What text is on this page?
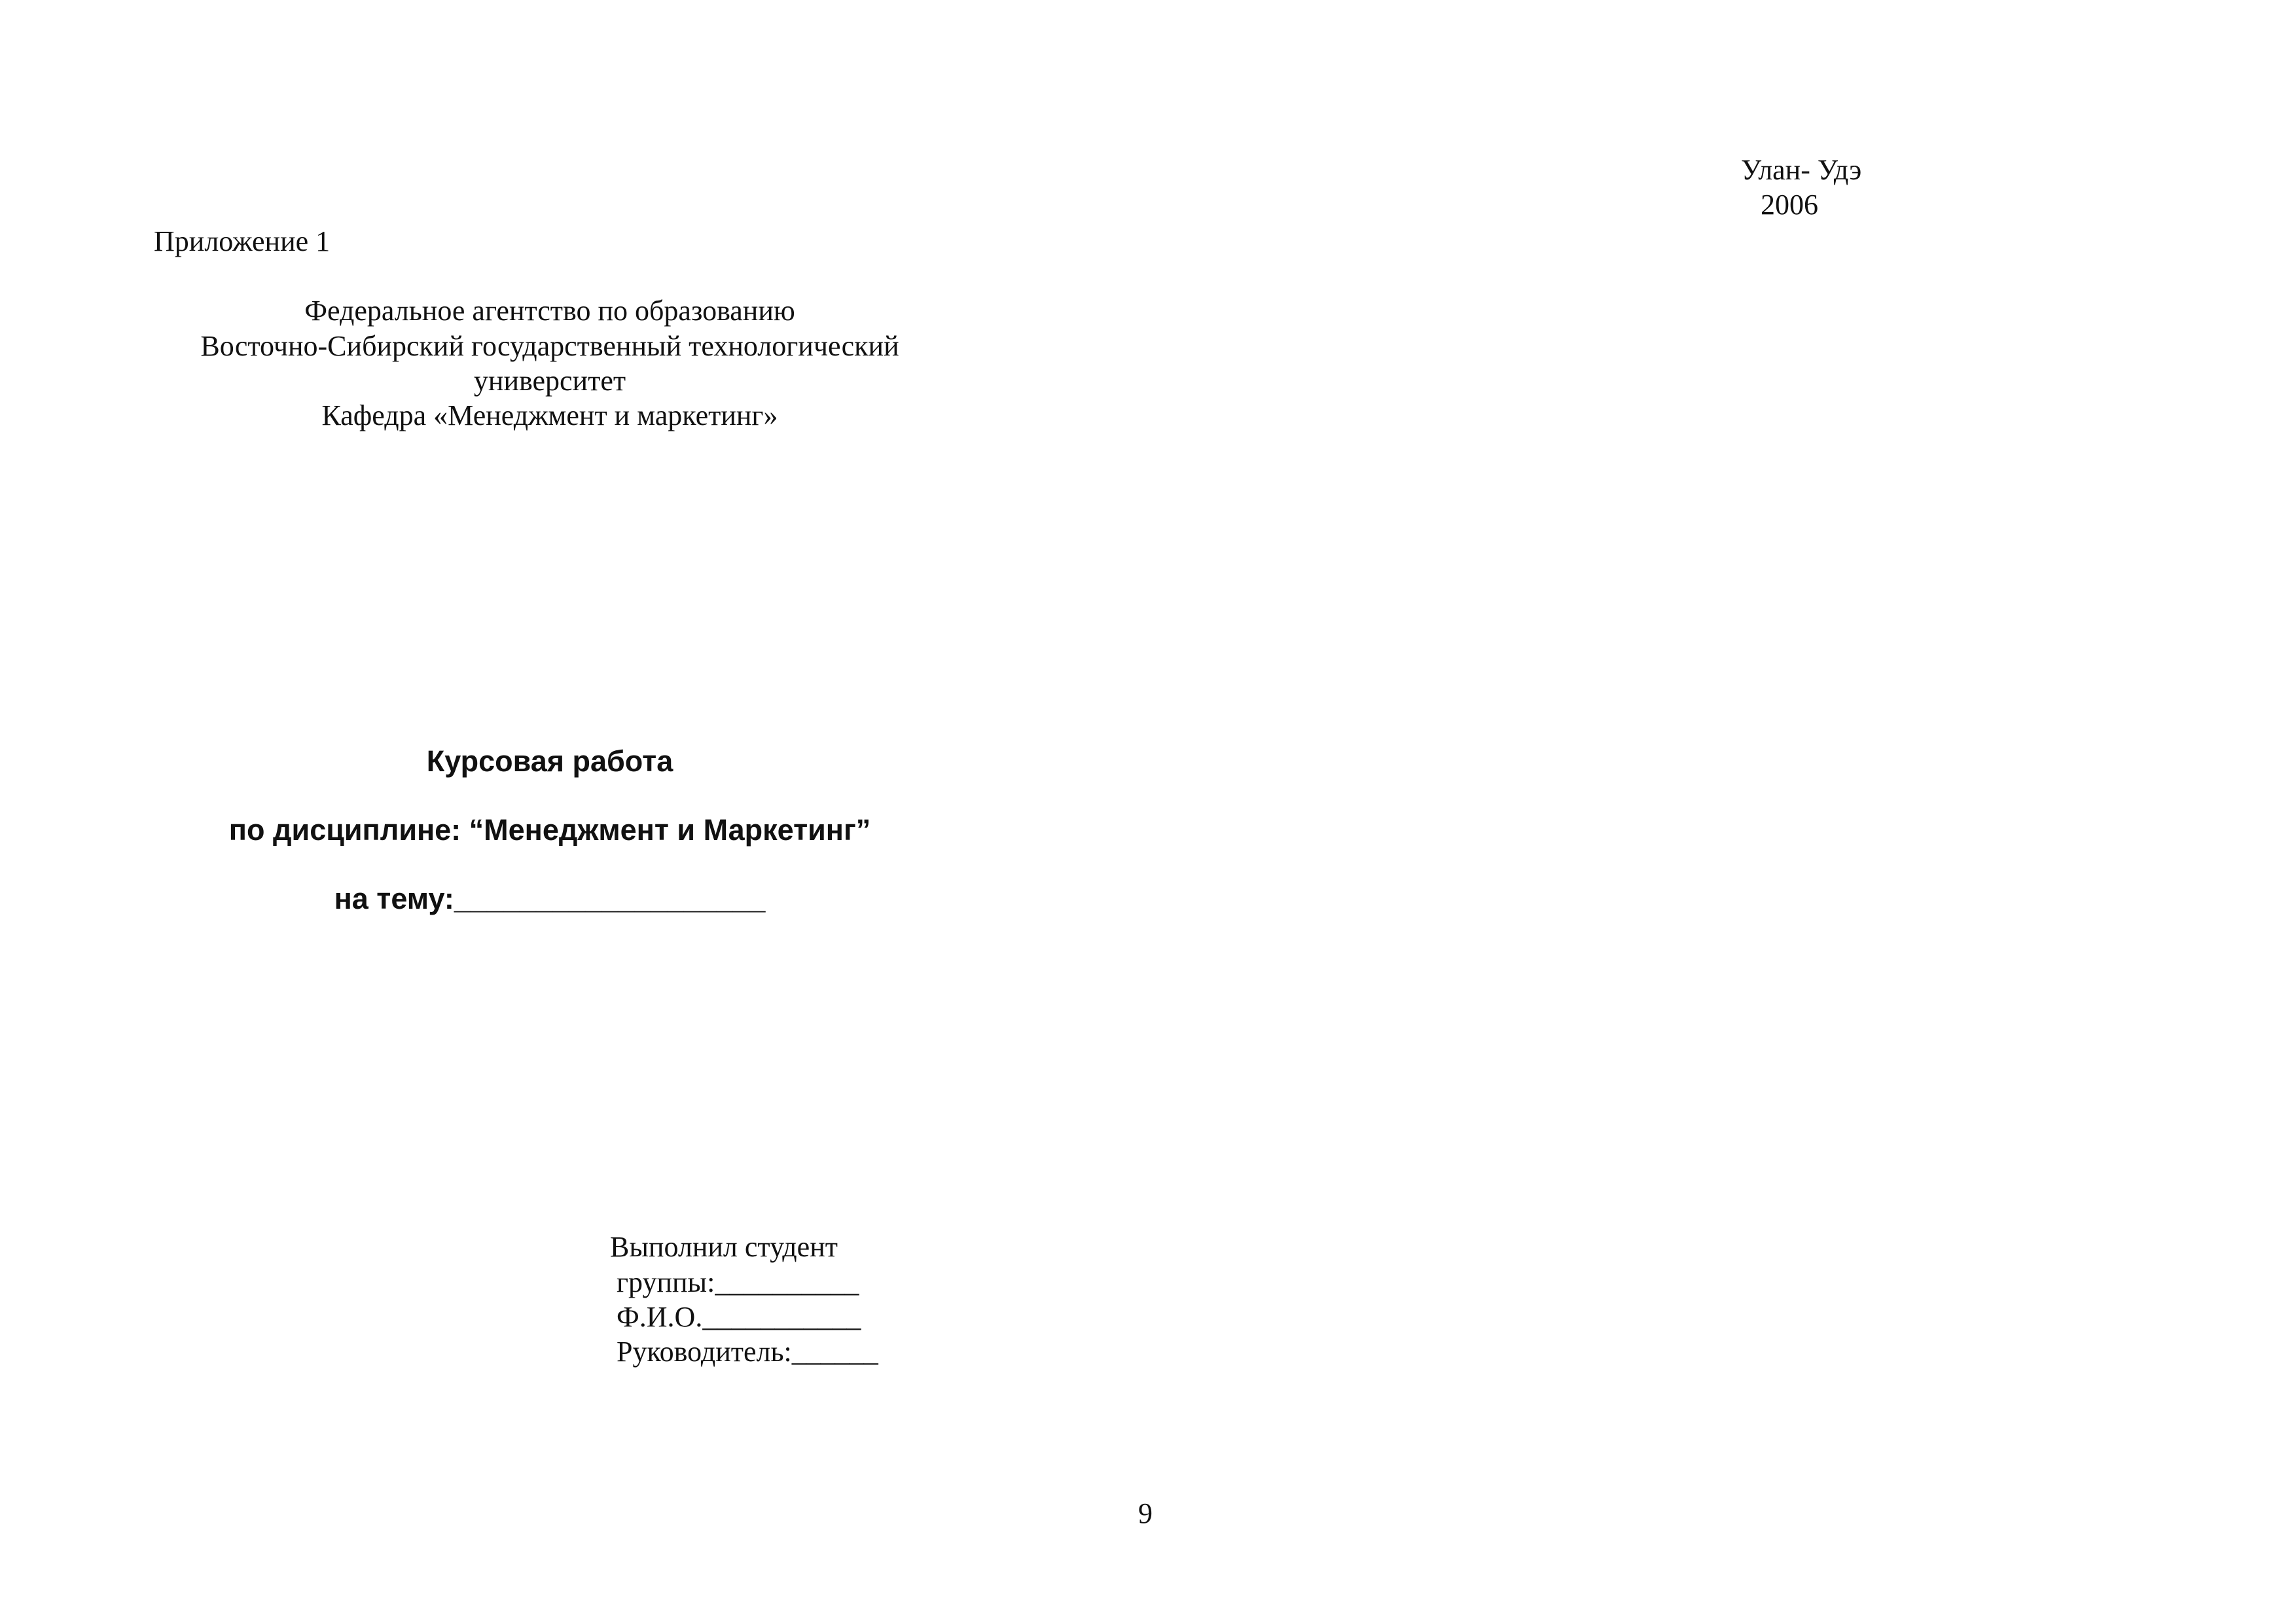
Улан- Удэ
2006
Приложение 1
Федеральное агентство по образованию
Восточно-Сибирский государственный технологический
университет
Кафедра «Менеджмент и маркетинг»
Курсовая работа
по дисциплине: “Менеджмент и Маркетинг”
на тему:___________________
Выполнил студент
группы:__________
Ф.И.О.___________
Руководитель:______
9
